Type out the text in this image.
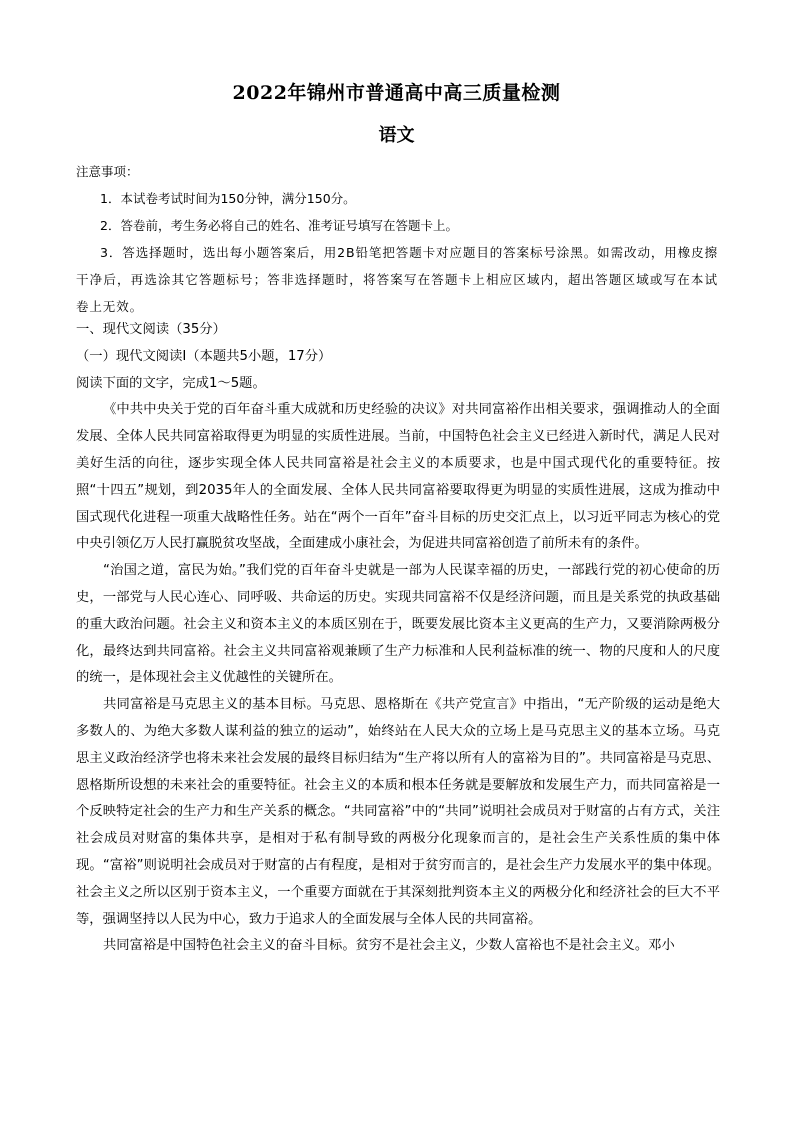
2022年锦州市普通高中高三质量检测
语文
注意事项：
1．本试卷考试时间为150分钟，满分150分。
2．答卷前，考生务必将自己的姓名、准考证号填写在答题卡上。
3．答选择题时，选出每小题答案后，用2B铅笔把答题卡对应题目的答案标号涂黑。如需改动，用橡皮擦干净后，再选涂其它答题标号；答非选择题时，将答案写在答题卡上相应区域内，超出答题区域或写在本试卷上无效。
一、现代文阅读（35分）
（一）现代文阅读Ⅰ（本题共5小题，17分）
阅读下面的文字，完成1～5题。

《中共中央关于党的百年奋斗重大成就和历史经验的决议》对共同富裕作出相关要求，强调推动人的全面发展、全体人民共同富裕取得更为明显的实质性进展。当前，中国特色社会主义已经进入新时代，满足人民对美好生活的向往，逐步实现全体人民共同富裕是社会主义的本质要求，也是中国式现代化的重要特征。按照“十四五”规划，到2035年人的全面发展、全体人民共同富裕要取得更为明显的实质性进展，这成为推动中国式现代化进程一项重大战略性任务。站在“两个一百年”奋斗目标的历史交汇点上，以习近平同志为核心的党中央引领亿万人民打赢脱贫攻坚战，全面建成小康社会，为促进共同富裕创造了前所未有的条件。

“治国之道，富民为始。”我们党的百年奋斗史就是一部为人民谋幸福的历史，一部践行党的初心使命的历史，一部党与人民心连心、同呼吸、共命运的历史。实现共同富裕不仅是经济问题，而且是关系党的执政基础的重大政治问题。社会主义和资本主义的本质区别在于，既要发展比资本主义更高的生产力，又要消除两极分化，最终达到共同富裕。社会主义共同富裕观兼顾了生产力标准和人民利益标准的统一、物的尺度和人的尺度的统一，是体现社会主义优越性的关键所在。

共同富裕是马克思主义的基本目标。马克思、恩格斯在《共产党宣言》中指出，“无产阶级的运动是绝大多数人的、为绝大多数人谋利益的独立的运动”，始终站在人民大众的立场上是马克思主义的基本立场。马克思主义政治经济学也将未来社会发展的最终目标归结为“生产将以所有人的富裕为目的”。共同富裕是马克思、恩格斯所设想的未来社会的重要特征。社会主义的本质和根本任务就是要解放和发展生产力，而共同富裕是一个反映特定社会的生产力和生产关系的概念。“共同富裕”中的“共同”说明社会成员对于财富的占有方式，关注社会成员对财富的集体共享，是相对于私有制导致的两极分化现象而言的，是社会生产关系性质的集中体现。“富裕”则说明社会成员对于财富的占有程度，是相对于贫穷而言的，是社会生产力发展水平的集中体现。社会主义之所以区别于资本主义，一个重要方面就在于其深刻批判资本主义的两极分化和经济社会的巨大不平等，强调坚持以人民为中心，致力于追求人的全面发展与全体人民的共同富裕。

共同富裕是中国特色社会主义的奋斗目标。贫穷不是社会主义，少数人富裕也不是社会主义。邓小
